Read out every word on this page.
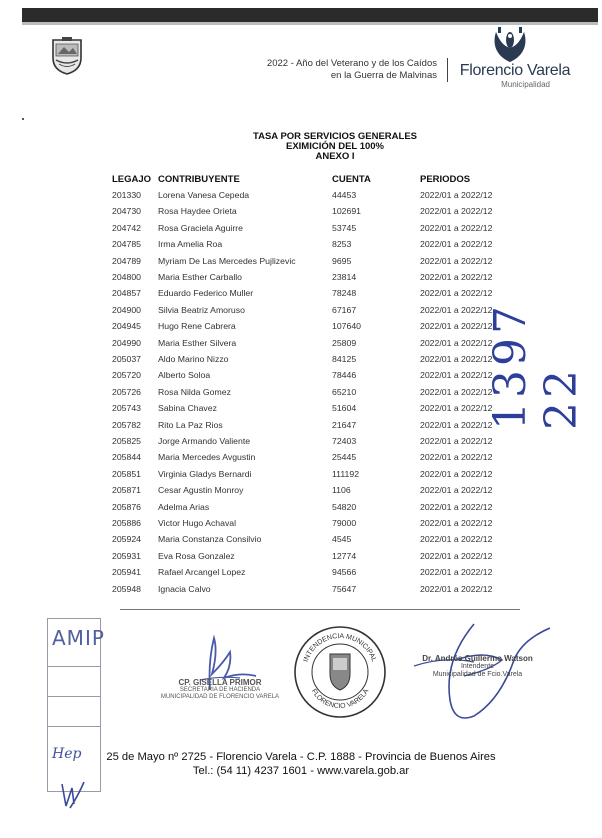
2022 - Año del Veterano y de los Caídos
en la Guerra de Malvinas Florencio Varela
Municipalidad
TASA POR SERVICIOS GENERALES
EXIMICIÓN DEL 100%
ANEXO I
LEGAJO CONTRIBUYENTE	CUENTA	PERIODOS
201330 Lorena Vanesa Cepeda	44453	2022/01 a 2022/12
204730 Rosa Haydee Orieta	102691	2022/01 a 2022/12
204742 Rosa Graciela Aguirre	53745	2022/01 a 2022/12
204785 Irma Amelia Roa	8253	2022/01 a 2022/12
204789 Myriam De Las Mercedes Pujlizevic	9695	2022/01 a 2022/12
204800 Maria Esther Carballo	23814	2022/01 a 2022/12
204857 Eduardo Federico Muller	78248	2022/01 a 2022/12
204900 Silvia Beatriz Amoruso	67167	2022/01 a 2022/12
204945 Hugo Rene Cabrera	107640	2022/01 a 2022/12
204990 Maria Esther Silvera	25809	2022/01 a 2022/12
205037 Aldo Marino Nizzo	84125	2022/01 a 2022/12
205720 Alberto Soloa	78446	2022/01 a 2022/12
205726 Rosa Nilda Gomez	65210	2022/01 a 2022/12
205743 Sabina Chavez	51604	2022/01 a 2022/12
205782 Rito La Paz Rios	21647	2022/01 a 2022/12
205825 Jorge Armando Valiente	72403	2022/01 a 2022/12
205844 Maria Mercedes Avgustin	25445	2022/01 a 2022/12
205851 Virginia Gladys Bernardi	111192	2022/01 a 2022/12
205871 Cesar Agustin Monroy	1106	2022/01 a 2022/12
205876 Adelma Arias	54820	2022/01 a 2022/12
205886 Victor Hugo Achaval	79000	2022/01 a 2022/12
205924 Maria Constanza Consilvio	4545	2022/01 a 2022/12
205931 Eva Rosa Gonzalez	12774	2022/01 a 2022/12
205941 Rafael Arcangel Lopez	94566	2022/01 a 2022/12
205948 Ignacia Calvo	75647	2022/01 a 2022/12
1397 22
AMIP
Hep
CP. GISELLA PRIMOR
SECRETARIA DE HACIENDA
MUNICIPALIDAD DE FLORENCIO VARELA
INTENDENCIA MUNICIPAL
FLORENCIO VARELA
Dr. Andrés Guillermo Watson
Intendente
Municipalidad de Fcio.Varela
25 de Mayo nº 2725 - Florencio Varela - C.P. 1888 - Provincia de Buenos Aires
Tel.: (54 11) 4237 1601 - www.varela.gob.ar
